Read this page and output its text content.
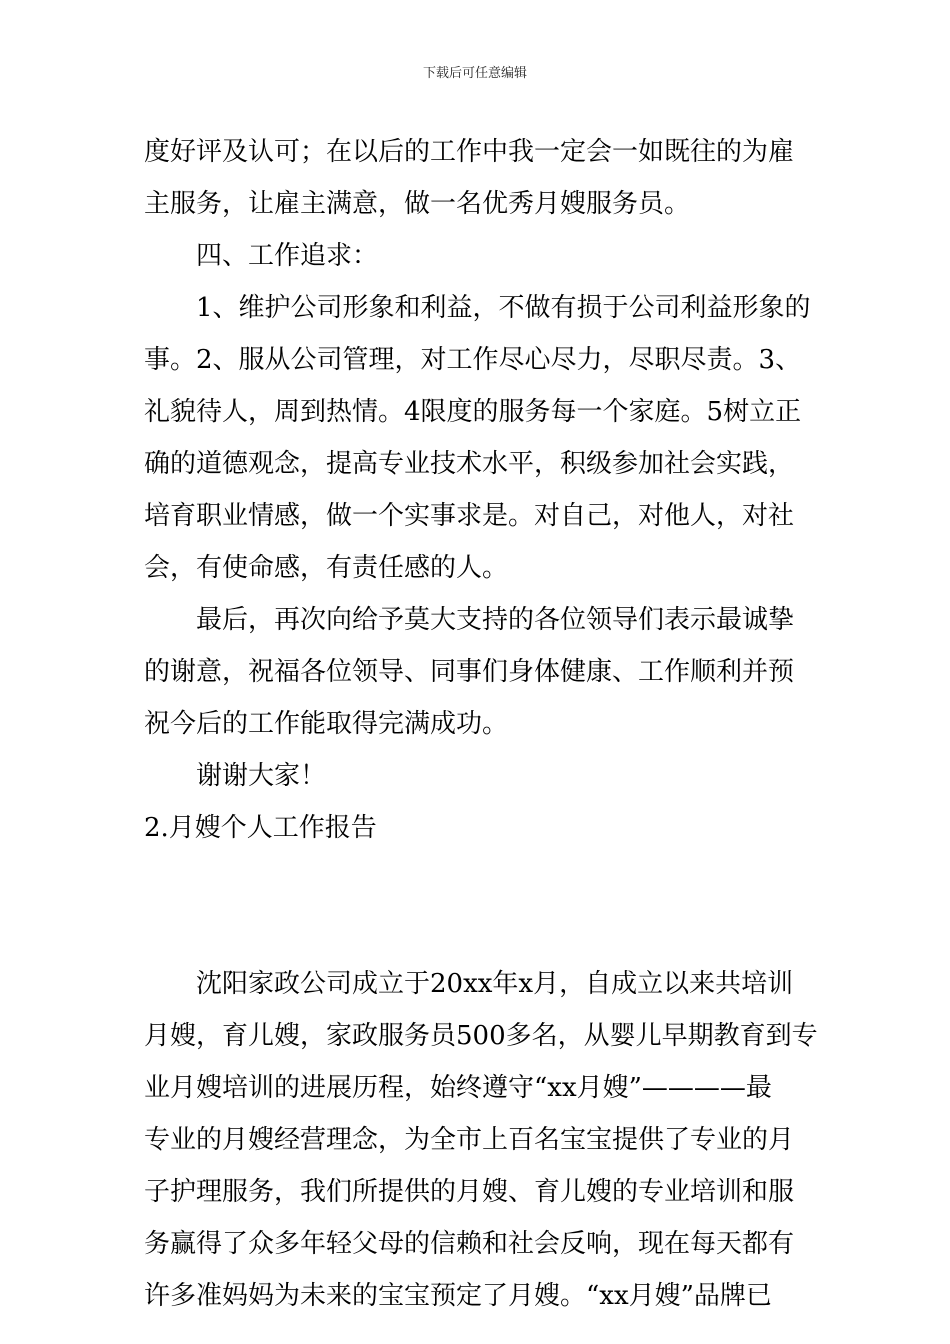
下载后可任意编辑
度好评及认可；在以后的工作中我一定会一如既往的为雇
主服务，让雇主满意，做一名优秀月嫂服务员。
四、工作追求：
1、维护公司形象和利益，不做有损于公司利益形象的
事。2、服从公司管理，对工作尽心尽力，尽职尽责。3、
礼貌待人，周到热情。4限度的服务每一个家庭。5树立正
确的道德观念，提高专业技术水平，积级参加社会实践，
培育职业情感，做一个实事求是。对自己，对他人，对社
会，有使命感，有责任感的人。
最后，再次向给予莫大支持的各位领导们表示最诚挚
的谢意，祝福各位领导、同事们身体健康、工作顺利并预
祝今后的工作能取得完满成功。
谢谢大家！
2.月嫂个人工作报告
沈阳家政公司成立于20xx年x月，自成立以来共培训
月嫂，育儿嫂，家政服务员500多名，从婴儿早期教育到专
业月嫂培训的进展历程，始终遵守“xx月嫂”————最
专业的月嫂经营理念，为全市上百名宝宝提供了专业的月
子护理服务，我们所提供的月嫂、育儿嫂的专业培训和服
务赢得了众多年轻父母的信赖和社会反响，现在每天都有
许多准妈妈为未来的宝宝预定了月嫂。“xx月嫂”品牌已
